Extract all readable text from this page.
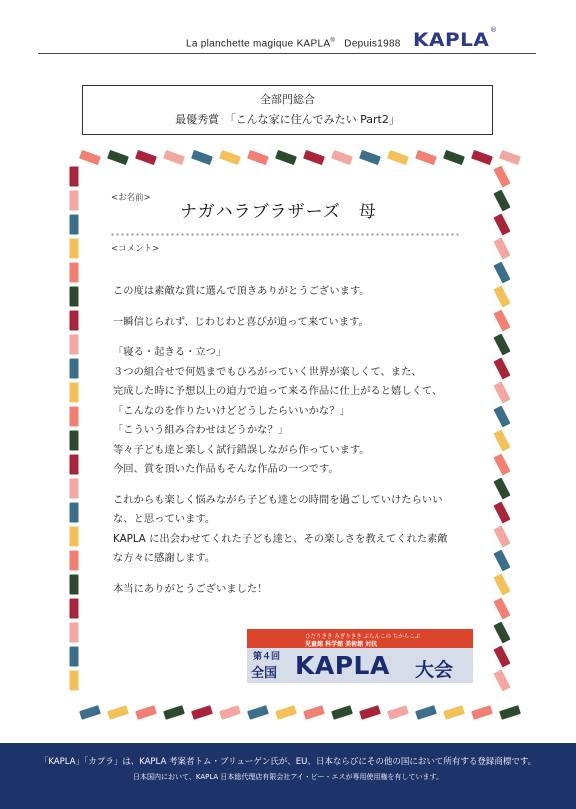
La planchette magique KAPLA® Depuis1988 KAPLA ®
全部門総合
最優秀賞　「こんな家に住んでみたい Part2」
<お名前>
ナガハラブラザーズ　母
<コメント>

この度は素敵な賞に選んで頂きありがとうございます。

一瞬信じられず、じわじわと喜びが迫って来ています。

「寝る・起きる・立つ」

３つの組合せで何処までもひろがっていく世界が楽しくて、また、

完成した時に予想以上の迫力で迫って来る作品に仕上がると嬉しくて、

「こんなのを作りたいけどどうしたらいいかな？」

「こういう組み合わせはどうかな？」

等々子ども達と楽しく試行錯誤しながら作っています。

今回、賞を頂いた作品もそんな作品の一つです。

これからも楽しく悩みながら子ども達との時間を過ごしていけたらいい

な、と思っています。

KAPLA に出会わせてくれた子ども達と、その楽しさを教えてくれた素敵

な方々に感謝します。

本当にありがとうございました！

ひだりきき みぎりきき ぶらんこの ちからこぶ
児童館 科学館 美術館 対抗
第４回
全国 KAPLA 大会
「KAPLA」「カプラ」は、KAPLA 考案者トム・ブリューゲン氏が、EU、日本ならびにその他の国において所有する登録商標です。
日本国内において、KAPLA 日本総代理店有限会社アイ・ビー・エスが専用使用権を有しています。
